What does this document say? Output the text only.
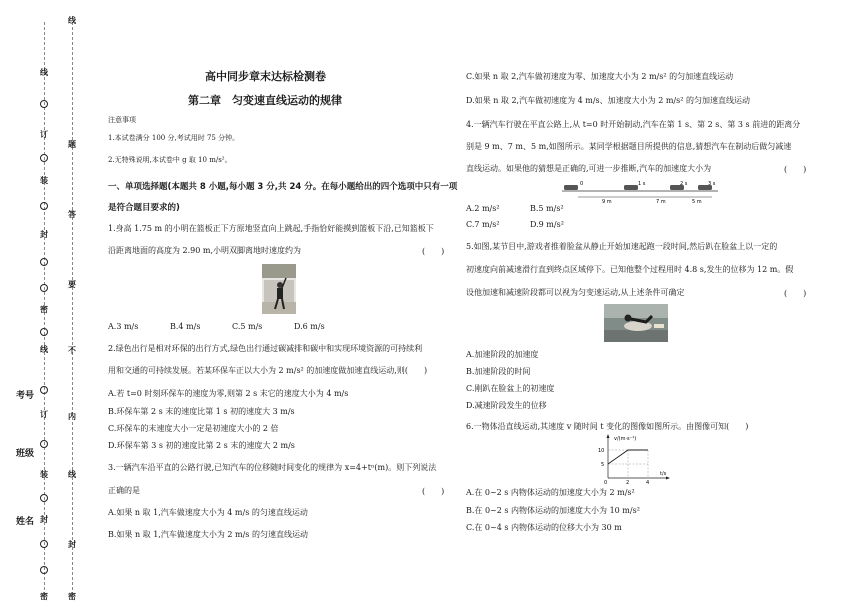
线
订
装
封
密
线
订
装
封
密
考号
班级
姓名
线
题
答
要
不
内
线
封
密
高中同步章末达标检测卷
第二章　匀变速直线运动的规律
注意事项
1.本试卷满分 100 分,考试用时 75 分钟。
2.无特殊说明,本试卷中 g 取 10 m/s²。
一、单项选择题(本题共 8 小题,每小题 3 分,共 24 分。在每小题给出的四个选项中只有一项
是符合题目要求的)
1.身高 1.75 m 的小明在篮板正下方原地竖直向上跳起,手指恰好能摸到篮板下沿,已知篮板下
沿距离地面的高度为 2.90 m,小明双脚离地时速度约为	(　　)
A.3 m/s	B.4 m/s	C.5 m/s	D.6 m/s
2.绿色出行是相对环保的出行方式,绿色出行通过碳减排和碳中和实现环境资源的可持续利
用和交通的可持续发展。若某环保车正以大小为 2 m/s² 的加速度做加速直线运动,则(　　)
A.若 t=0 时刻环保车的速度为零,则第 2 s 末它的速度大小为 4 m/s
B.环保车第 2 s 末的速度比第 1 s 初的速度大 3 m/s
C.环保车的末速度大小一定是初速度大小的 2 倍
D.环保车第 3 s 初的速度比第 2 s 末的速度大 2 m/s
3.一辆汽车沿平直的公路行驶,已知汽车的位移随时间变化的规律为 x=4+tⁿ(m)。则下列说法
正确的是	(　　)
A.如果 n 取 1,汽车做速度大小为 4 m/s 的匀速直线运动
B.如果 n 取 1,汽车做速度大小为 2 m/s 的匀速直线运动
C.如果 n 取 2,汽车做初速度为零、加速度大小为 2 m/s² 的匀加速直线运动
D.如果 n 取 2,汽车做初速度为 4 m/s、加速度大小为 2 m/s² 的匀加速直线运动
4.一辆汽车行驶在平直公路上,从 t=0 时开始制动,汽车在第 1 s、第 2 s、第 3 s 前进的距离分
别是 9 m、7 m、5 m,如图所示。某同学根据题目所提供的信息,猜想汽车在制动后做匀减速
直线运动。如果他的猜想是正确的,可进一步推断,汽车的加速度大小为	(　　)
0	1 s	2 s	3 s
9 m	7 m	5 m
A.2 m/s²	B.5 m/s²
C.7 m/s²	D.9 m/s²
5.如图,某节目中,游戏者推着脸盆从静止开始加速起跑一段时间,然后趴在脸盆上以一定的
初速度向前减速滑行直到终点区域停下。已知他整个过程用时 4.8 s,发生的位移为 12 m。假
设他加速和减速阶段都可以视为匀变速运动,从上述条件可确定	(　　)
A.加速阶段的加速度
B.加速阶段的时间
C.刚趴在脸盆上的初速度
D.减速阶段发生的位移
6.一物体沿直线运动,其速度 v 随时间 t 变化的图像如图所示。由图像可知(　　)
v/(m·s⁻¹)
t/s
10
5
0	2	4
A.在 0~2 s 内物体运动的加速度大小为 2 m/s²
B.在 0~2 s 内物体运动的加速度大小为 10 m/s²
C.在 0~4 s 内物体运动的位移大小为 30 m
